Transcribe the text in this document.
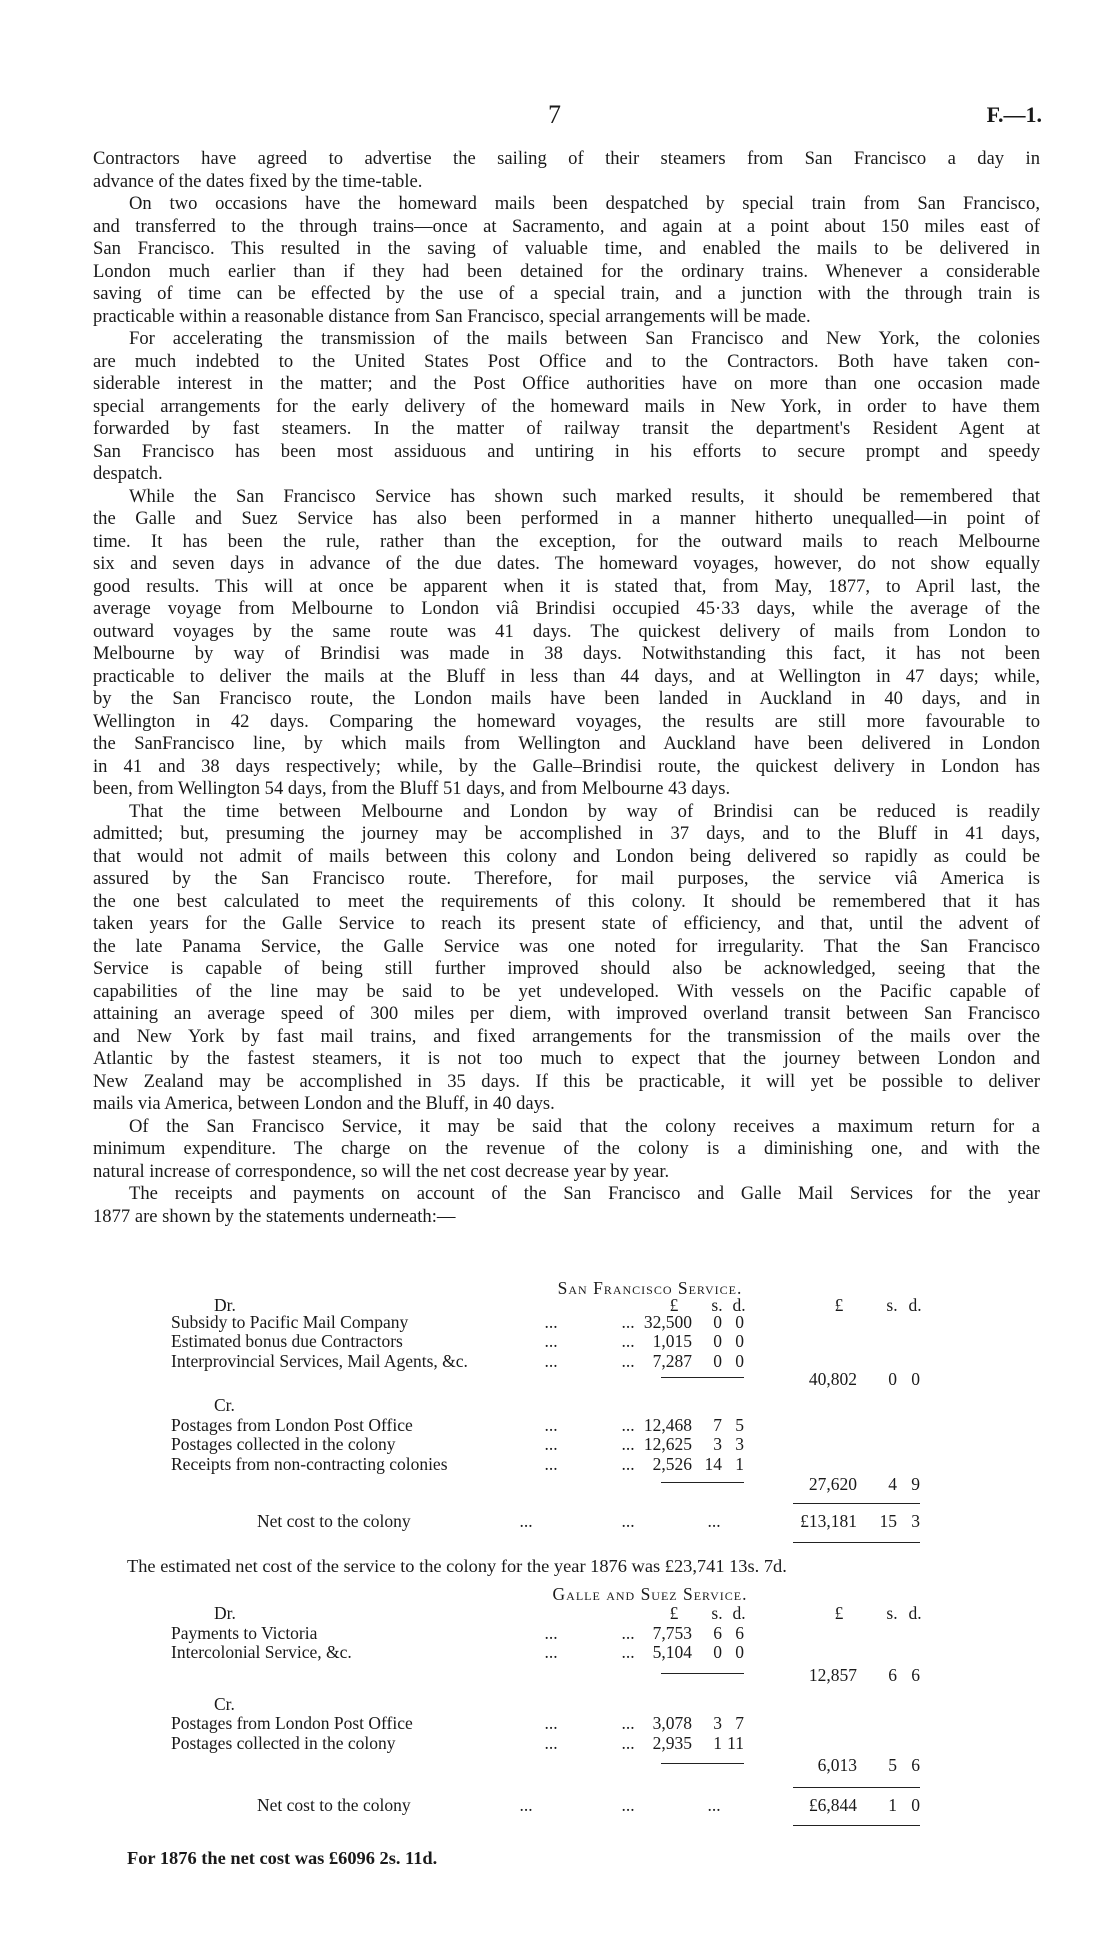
7	F.—1.
Contractors have agreed to advertise the sailing of their steamers from San Francisco a day in
advance of the dates fixed by the time-table.
On two occasions have the homeward mails been despatched by special train from San Francisco,
and transferred to the through trains—once at Sacramento, and again at a point about 150 miles east of
San Francisco. This resulted in the saving of valuable time, and enabled the mails to be delivered in
London much earlier than if they had been detained for the ordinary trains. Whenever a considerable
saving of time can be effected by the use of a special train, and a junction with the through train is
practicable within a reasonable distance from San Francisco, special arrangements will be made.
For accelerating the transmission of the mails between San Francisco and New York, the colonies
are much indebted to the United States Post Office and to the Contractors. Both have taken con-
siderable interest in the matter; and the Post Office authorities have on more than one occasion made
special arrangements for the early delivery of the homeward mails in New York, in order to have them
forwarded by fast steamers. In the matter of railway transit the department's Resident Agent at
San Francisco has been most assiduous and untiring in his efforts to secure prompt and speedy
despatch.
While the San Francisco Service has shown such marked results, it should be remembered that
the Galle and Suez Service has also been performed in a manner hitherto unequalled—in point of
time. It has been the rule, rather than the exception, for the outward mails to reach Melbourne
six and seven days in advance of the due dates. The homeward voyages, however, do not show equally
good results. This will at once be apparent when it is stated that, from May, 1877, to April last, the
average voyage from Melbourne to London viâ Brindisi occupied 45·33 days, while the average of the
outward voyages by the same route was 41 days. The quickest delivery of mails from London to
Melbourne by way of Brindisi was made in 38 days. Notwithstanding this fact, it has not been
practicable to deliver the mails at the Bluff in less than 44 days, and at Wellington in 47 days; while,
by the San Francisco route, the London mails have been landed in Auckland in 40 days, and in
Wellington in 42 days. Comparing the homeward voyages, the results are still more favourable to
the SanFrancisco line, by which mails from Wellington and Auckland have been delivered in London
in 41 and 38 days respectively; while, by the Galle–Brindisi route, the quickest delivery in London has
been, from Wellington 54 days, from the Bluff 51 days, and from Melbourne 43 days.
That the time between Melbourne and London by way of Brindisi can be reduced is readily
admitted; but, presuming the journey may be accomplished in 37 days, and to the Bluff in 41 days,
that would not admit of mails between this colony and London being delivered so rapidly as could be
assured by the San Francisco route. Therefore, for mail purposes, the service viâ America is
the one best calculated to meet the requirements of this colony. It should be remembered that it has
taken years for the Galle Service to reach its present state of efficiency, and that, until the advent of
the late Panama Service, the Galle Service was one noted for irregularity. That the San Francisco
Service is capable of being still further improved should also be acknowledged, seeing that the
capabilities of the line may be said to be yet undeveloped. With vessels on the Pacific capable of
attaining an average speed of 300 miles per diem, with improved overland transit between San Francisco
and New York by fast mail trains, and fixed arrangements for the transmission of the mails over the
Atlantic by the fastest steamers, it is not too much to expect that the journey between London and
New Zealand may be accomplished in 35 days. If this be practicable, it will yet be possible to deliver
mails via America, between London and the Bluff, in 40 days.
Of the San Francisco Service, it may be said that the colony receives a maximum return for a
minimum expenditure. The charge on the revenue of the colony is a diminishing one, and with the
natural increase of correspondence, so will the net cost decrease year by year.
The receipts and payments on account of the San Francisco and Galle Mail Services for the year
1877 are shown by the statements underneath:—
San Francisco Service.
Dr.	£ s. d.	£ s. d.
Subsidy to Pacific Mail Company	...	... 32,500 0 0
Estimated bonus due Contractors	...	... 1,015 0 0
Interprovincial Services, Mail Agents, &c.	...	... 7,287 0 0
40,802 0 0
Cr.
Postages from London Post Office	...	... 12,468 7 5
Postages collected in the colony	...	... 12,625 3 3
Receipts from non-contracting colonies	...	... 2,526 14 1
27,620 4 9
Net cost to the colony	...	...	...	£13,181 15 3
The estimated net cost of the service to the colony for the year 1876 was £23,741 13s. 7d.
Galle and Suez Service.
Dr.	£ s. d.	£ s. d.
Payments to Victoria	...	... 7,753 6 6
Intercolonial Service, &c.	...	... 5,104 0 0
12,857 6 6
Cr.
Postages from London Post Office	...	... 3,078 3 7
Postages collected in the colony	...	... 2,935 1 11
6,013 5 6
Net cost to the colony	...	...	...	£6,844 1 0
For 1876 the net cost was £6096 2s. 11d.
